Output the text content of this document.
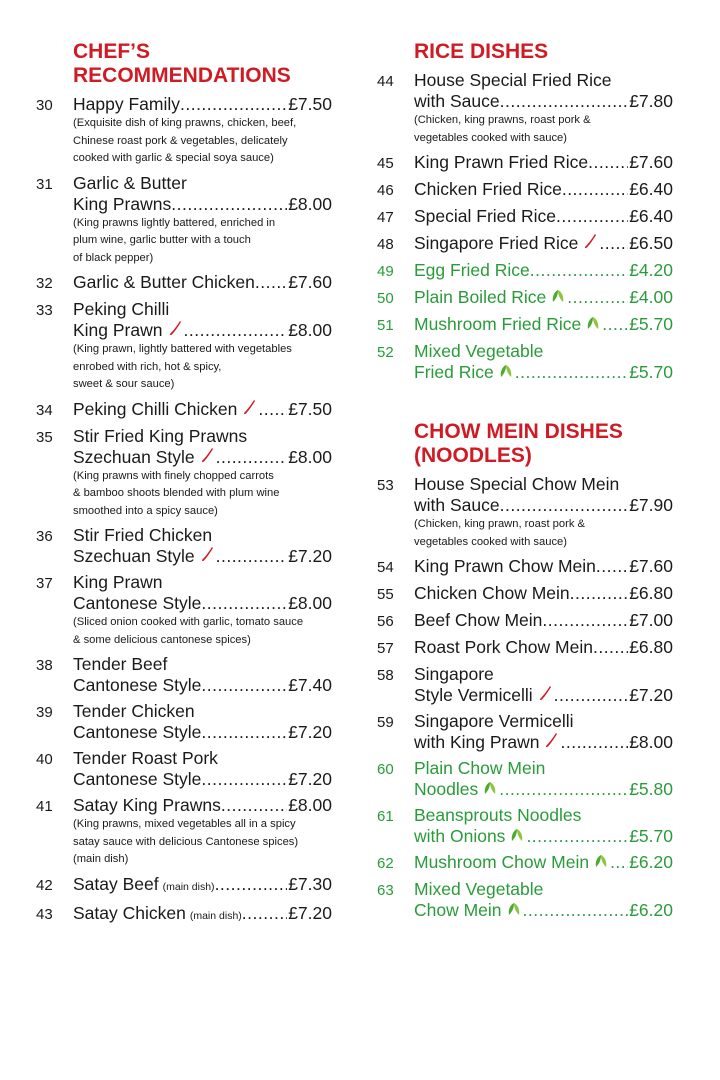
CHEF’S
RECOMMENDATIONS
30	Happy Family .....	£7.50
(Exquisite dish of king prawns, chicken, beef,
Chinese roast pork & vegetables, delicately
cooked with garlic & special soya sauce)
31	Garlic & Butter
King Prawns .....	£8.00
(King prawns lightly battered, enriched in
plum wine, garlic butter with a touch
of black pepper)
32	Garlic & Butter Chicken ..... £7.60
33	Peking Chilli
King Prawn .....	£8.00
(King prawn, lightly battered with vegetables
enrobed with rich, hot & spicy,
sweet & sour sauce)
34	Peking Chilli Chicken .....	£7.50
35	Stir Fried King Prawns
Szechuan Style .....	£8.00
(King prawns with finely chopped carrots
& bamboo shoots blended with plum wine
smoothed into a spicy sauce)
36	Stir Fried Chicken
Szechuan Style .....	£7.20
37	King Prawn
Cantonese Style .....	£8.00
(Sliced onion cooked with garlic, tomato sauce
& some delicious cantonese spices)
38	Tender Beef
Cantonese Style .....	£7.40
39	Tender Chicken
Cantonese Style .....	£7.20
40	Tender Roast Pork
Cantonese Style .....	£7.20
41	Satay King Prawns .....	£8.00
(King prawns, mixed vegetables all in a spicy
satay sauce with delicious Cantonese spices)
(main dish)
42	Satay Beef (main dish) .....	£7.30
43	Satay Chicken (main dish) .....	£7.20
RICE DISHES
44	House Special Fried Rice
with Sauce .....	£7.80
(Chicken, king prawns, roast pork &
vegetables cooked with sauce)
45	King Prawn Fried Rice ..... £7.60
46	Chicken Fried Rice .....	£6.40
47	Special Fried Rice .....	£6.40
48	Singapore Fried Rice .....	£6.50
49	Egg Fried Rice .....	£4.20
50	Plain Boiled Rice .....	£4.00
51	Mushroom Fried Rice .....	£5.70
52	Mixed Vegetable
Fried Rice .....	£5.70
CHOW MEIN DISHES
(NOODLES)
53	House Special Chow Mein
with Sauce .....	£7.90
(Chicken, king prawn, roast pork &
vegetables cooked with sauce)
54	King Prawn Chow Mein ..... £7.60
55	Chicken Chow Mein .....	£6.80
56	Beef Chow Mein .....	£7.00
57	Roast Pork Chow Mein ..... £6.80
58	Singapore
Style Vermicelli .....	£7.20
59	Singapore Vermicelli
with King Prawn .....	£8.00
60	Plain Chow Mein
Noodles .....	£5.80
61	Beansprouts Noodles
with Onions .....	£5.70
62	Mushroom Chow Mein ..... £6.20
63	Mixed Vegetable
Chow Mein .....	£6.20
